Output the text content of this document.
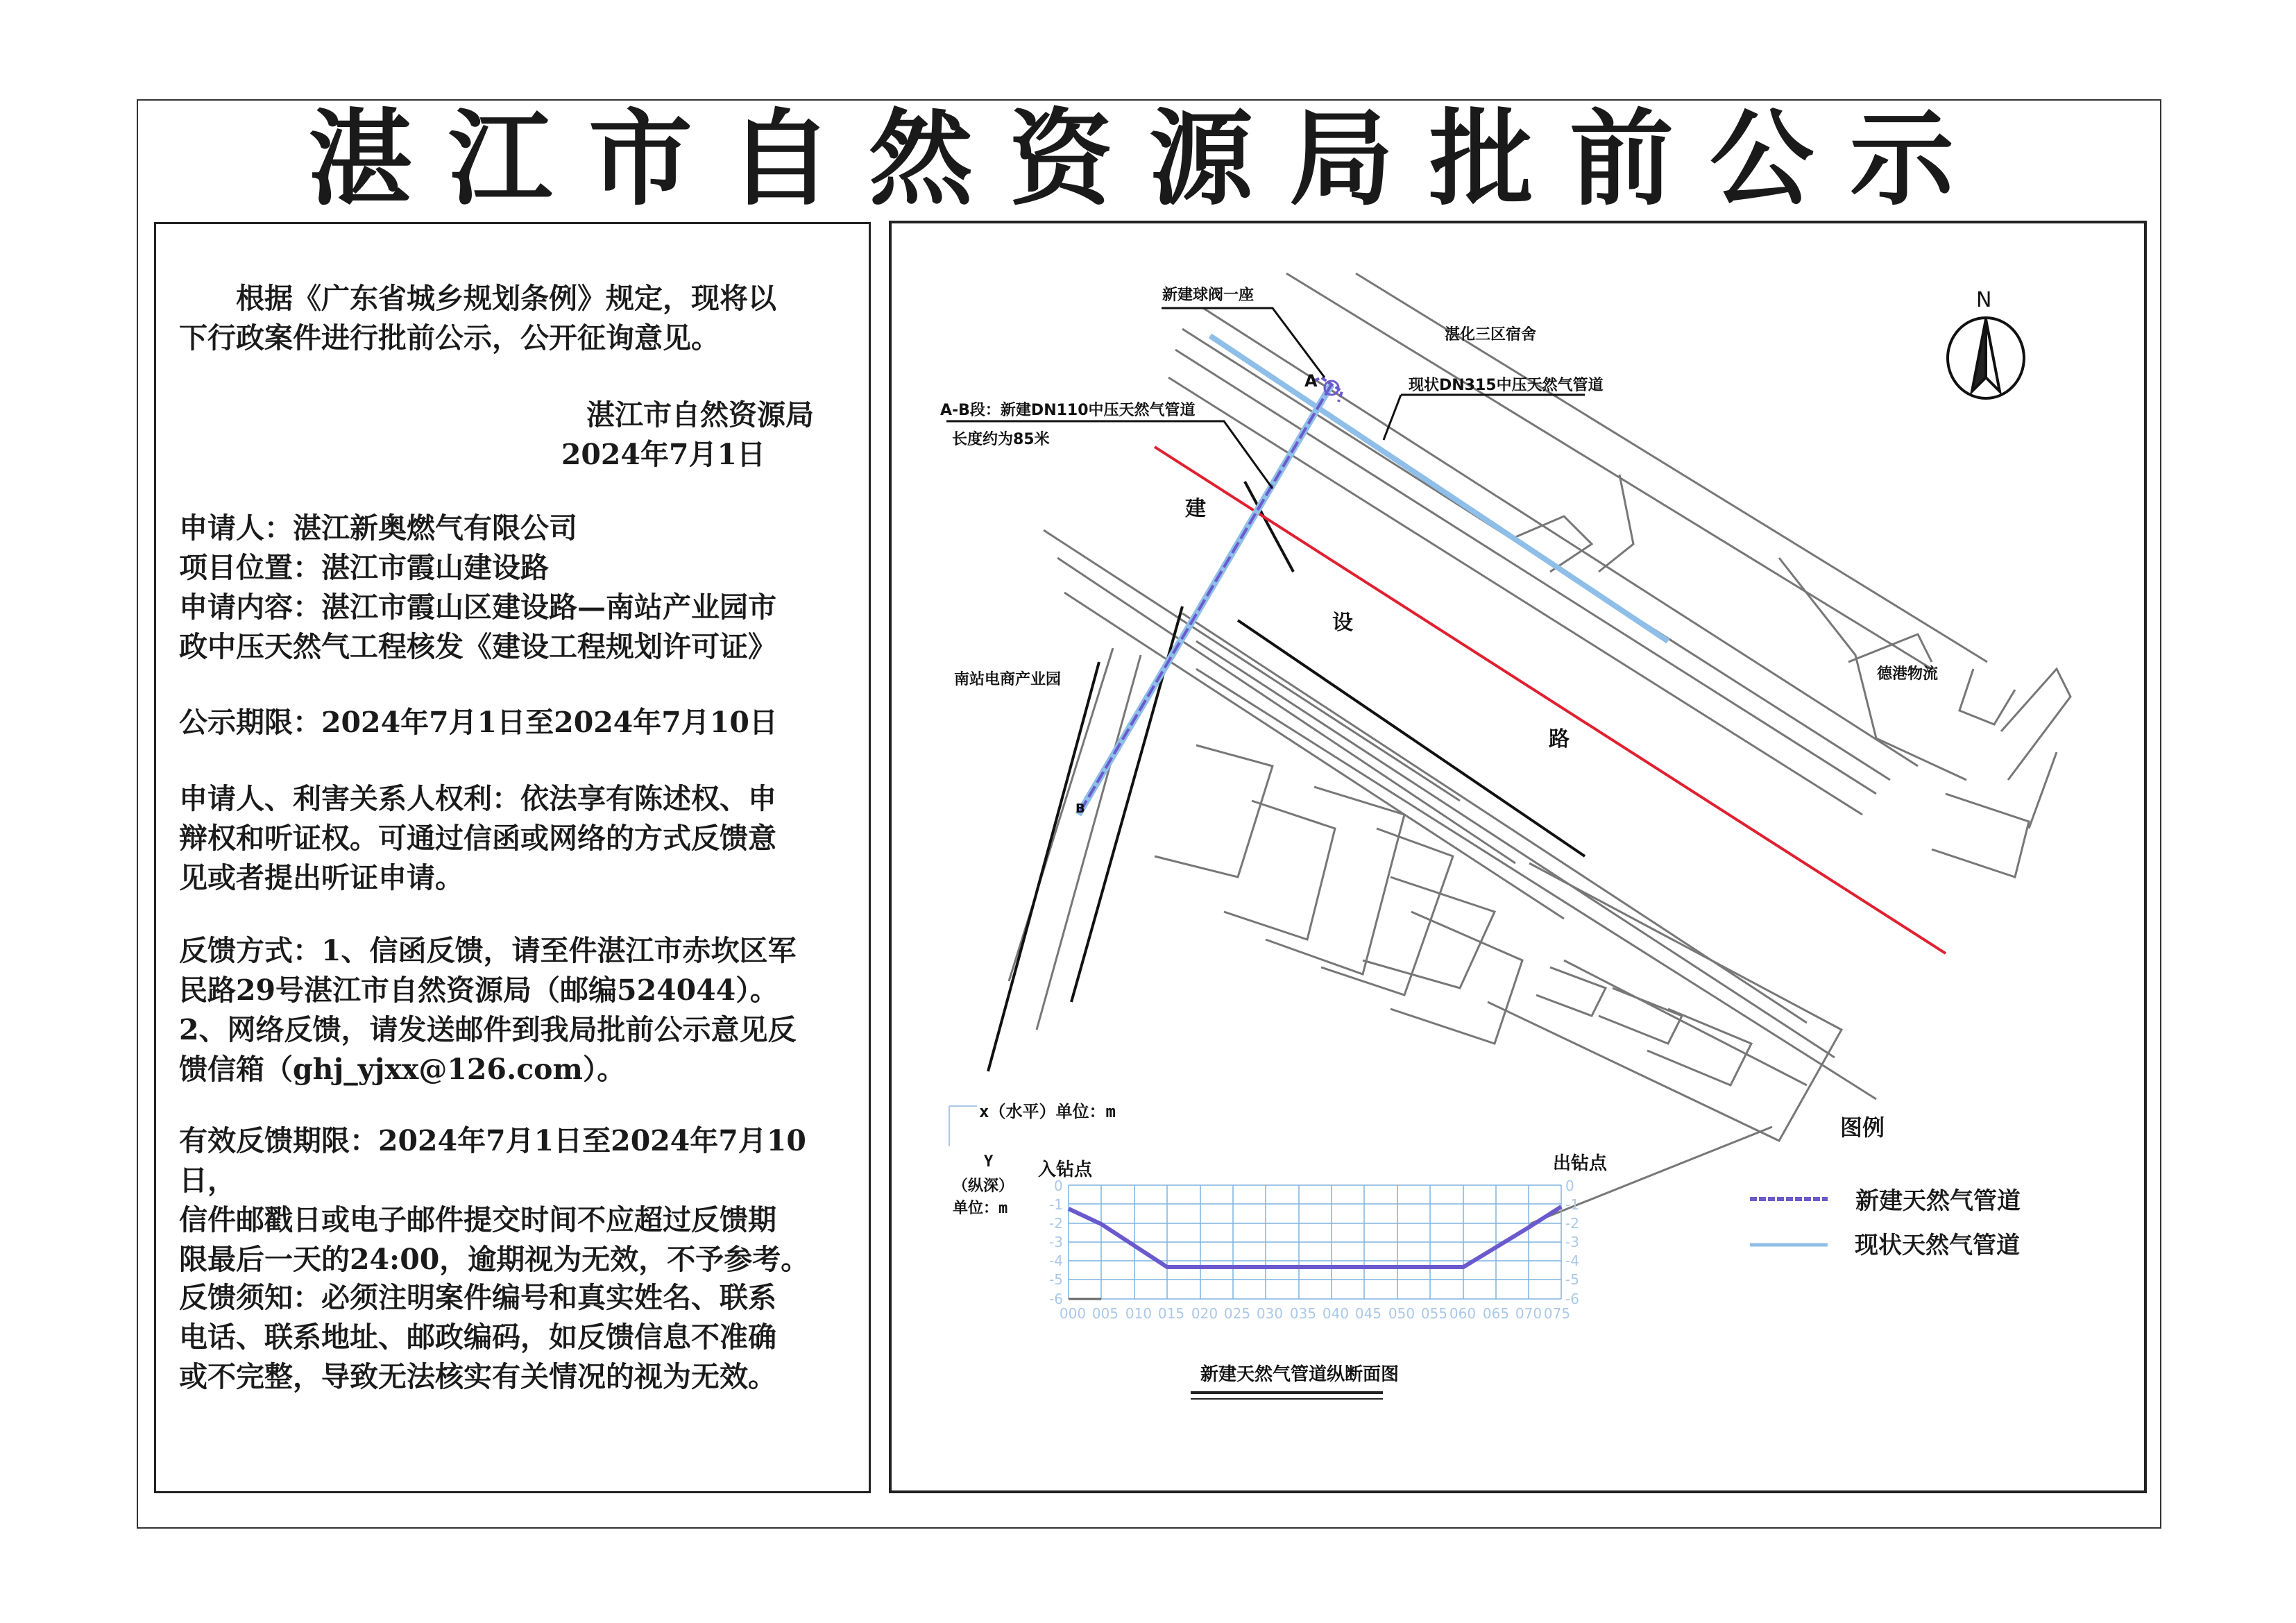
湛江市自然资源局批前公示

根据《广东省城乡规划条例》规定，现将以

下行政案件进行批前公示，公开征询意见。

湛江市自然资源局

2024年7月1日

申请人：湛江新奥燃气有限公司

项目位置：湛江市霞山建设路

申请内容：湛江市霞山区建设路—南站产业园市

政中压天然气工程核发《建设工程规划许可证》

公示期限：2024年7月1日至2024年7月10日

申请人、利害关系人权利：依法享有陈述权、申

辩权和听证权。可通过信函或网络的方式反馈意

见或者提出听证申请。

反馈方式：1、信函反馈，请至件湛江市赤坎区军

民路29号湛江市自然资源局（邮编524044）。

2、网络反馈，请发送邮件到我局批前公示意见反

馈信箱（ghj_yjxx@126.com）。

有效反馈期限：2024年7月1日至2024年7月10日，

信件邮戳日或电子邮件提交时间不应超过反馈期

限最后一天的24:00，逾期视为无效，不予参考。

反馈须知：必须注明案件编号和真实姓名、联系

电话、联系地址、邮政编码，如反馈信息不准确

或不完整，导致无法核实有关情况的视为无效。

0
-1
-2
-3
-4
-5
-6
0
-1
-2
-3
-4
-5
-6
000 005 010 015 020 025 030 035 040 045 050 055 060 065 070 075
新建球阀一座
湛化三区宿舍
现状DN315中压天然气管道
A-B段：新建DN110中压天然气管道
长度约为85米
南站电商产业园	德港物流
建
设
路
A
B
N
x（水平）单位：m
Y
（纵深）
单位：m
入钻点	出钻点
新建天然气管道纵断面图
图例
新建天然气管道
现状天然气管道
